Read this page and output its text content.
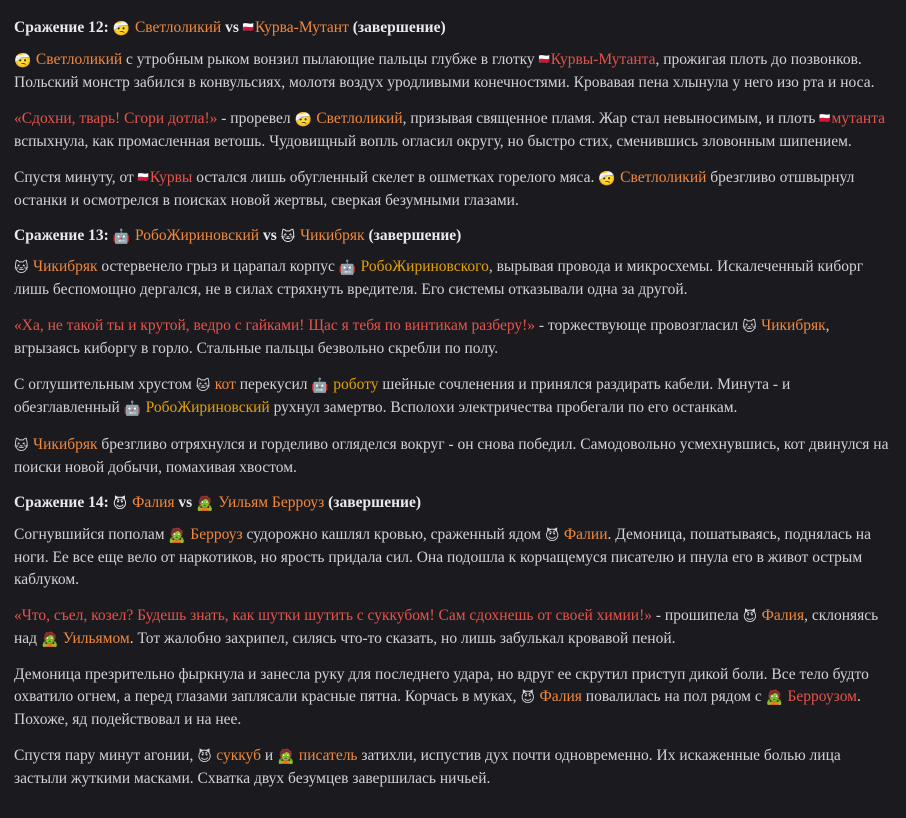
Сражение 12: 🤕 Светлоликий vs 🇵🇱Курва-Мутант (завершение)

🤕 Светлоликий с утробным рыком вонзил пылающие пальцы глубже в глотку 🇵🇱Курвы-Мутанта, прожигая плоть до позвонков. Польский монстр забился в конвульсиях, молотя воздух уродливыми конечностями. Кровавая пена хлынула у него изо рта и носа.

«Сдохни, тварь! Сгори дотла!» - проревел 🤕 Светлоликий, призывая священное пламя. Жар стал невыносимым, и плоть 🇵🇱мутанта вспыхнула, как промасленная ветошь. Чудовищный вопль огласил округу, но быстро стих, сменившись зловонным шипением.

Спустя минуту, от 🇵🇱Курвы остался лишь обугленный скелет в ошметках горелого мяса. 🤕 Светлоликий брезгливо отшвырнул останки и осмотрелся в поисках новой жертвы, сверкая безумными глазами.

Сражение 13: 🤖 РобоЖириновский vs 🐱 Чикибряк (завершение)

🐱 Чикибряк остервенело грыз и царапал корпус 🤖 РобоЖириновского, вырывая провода и микросхемы. Искалеченный киборг лишь беспомощно дергался, не в силах стряхнуть вредителя. Его системы отказывали одна за другой.

«Ха, не такой ты и крутой, ведро с гайками! Щас я тебя по винтикам разберу!» - торжествующе провозгласил 🐱 Чикибряк, вгрызаясь киборгу в горло. Стальные пальцы безвольно скребли по полу.

С оглушительным хрустом 🐱 кот перекусил 🤖 роботу шейные сочленения и принялся раздирать кабели. Минута - и обезглавленный 🤖 РобоЖириновский рухнул замертво. Всполохи электричества пробегали по его останкам.

🐱 Чикибряк брезгливо отряхнулся и горделиво огляделся вокруг - он снова победил. Самодовольно усмехнувшись, кот двинулся на поиски новой добычи, помахивая хвостом.

Сражение 14: 😈 Фалия vs 🧟 Уильям Берроуз (завершение)

Согнувшийся пополам 🧟 Берроуз судорожно кашлял кровью, сраженный ядом 😈 Фалии. Демоница, пошатываясь, поднялась на ноги. Ее все еще вело от наркотиков, но ярость придала сил. Она подошла к корчащемуся писателю и пнула его в живот острым каблуком.

«Что, съел, козел? Будешь знать, как шутки шутить с суккубом! Сам сдохнешь от своей химии!» - прошипела 😈 Фалия, склоняясь над 🧟 Уильямом. Тот жалобно захрипел, силясь что-то сказать, но лишь забулькал кровавой пеной.

Демоница презрительно фыркнула и занесла руку для последнего удара, но вдруг ее скрутил приступ дикой боли. Все тело будто охватило огнем, а перед глазами заплясали красные пятна. Корчась в муках, 😈 Фалия повалилась на пол рядом с 🧟 Берроузом. Похоже, яд подействовал и на нее.

Спустя пару минут агонии, 😈 суккуб и 🧟 писатель затихли, испустив дух почти одновременно. Их искаженные болью лица застыли жуткими масками. Схватка двух безумцев завершилась ничьей.
